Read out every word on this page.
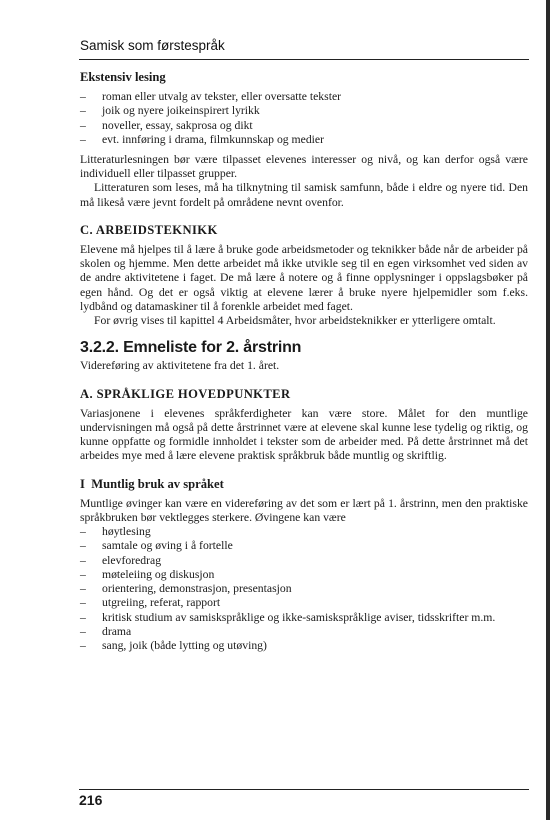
Samisk som førstespråk
Ekstensiv lesing
– roman eller utvalg av tekster, eller oversatte tekster
– joik og nyere joikeinspirert lyrikk
– noveller, essay, sakprosa og dikt
– evt. innføring i drama, filmkunnskap og medier

Litteraturlesningen bør være tilpasset elevenes interesser og nivå, og kan derfor også være individuell eller tilpasset grupper.

Litteraturen som leses, må ha tilknytning til samisk samfunn, både i eldre og nyere tid. Den må likeså være jevnt fordelt på områdene nevnt ovenfor.

C. ARBEIDSTEKNIKK

Elevene må hjelpes til å lære å bruke gode arbeidsmetoder og teknikker både når de arbeider på skolen og hjemme. Men dette arbeidet må ikke utvikle seg til en egen virksomhet ved siden av de andre aktivitetene i faget. De må lære å notere og å finne opplysninger i oppslagsbøker på egen hånd. Og det er også viktig at elevene lærer å bruke nyere hjelpemidler som f.eks. lydbånd og datamaskiner til å forenkle arbeidet med faget.

For øvrig vises til kapittel 4 Arbeidsmåter, hvor arbeidsteknikker er ytterligere omtalt.

3.2.2. Emneliste for 2. årstrinn

Videreføring av aktivitetene fra det 1. året.

A. SPRÅKLIGE HOVEDPUNKTER

Variasjonene i elevenes språkferdigheter kan være store. Målet for den muntlige undervisningen må også på dette årstrinnet være at elevene skal kunne lese tydelig og riktig, og kunne oppfatte og formidle innholdet i tekster som de arbeider med. På dette årstrinnet må det arbeides mye med å lære elevene praktisk språkbruk både muntlig og skriftlig.

I  Muntlig bruk av språket

Muntlige øvinger kan være en videreføring av det som er lært på 1. årstrinn, men den praktiske språkbruken bør vektlegges sterkere. Øvingene kan være

– høytlesing
– samtale og øving i å fortelle
– elevforedrag
– møteleiing og diskusjon
– orientering, demonstrasjon, presentasjon
– utgreiing, referat, rapport
– kritisk studium av samiskspråklige og ikke-samiskspråklige aviser, tidsskrifter m.m.
– drama
– sang, joik (både lytting og utøving)
216
